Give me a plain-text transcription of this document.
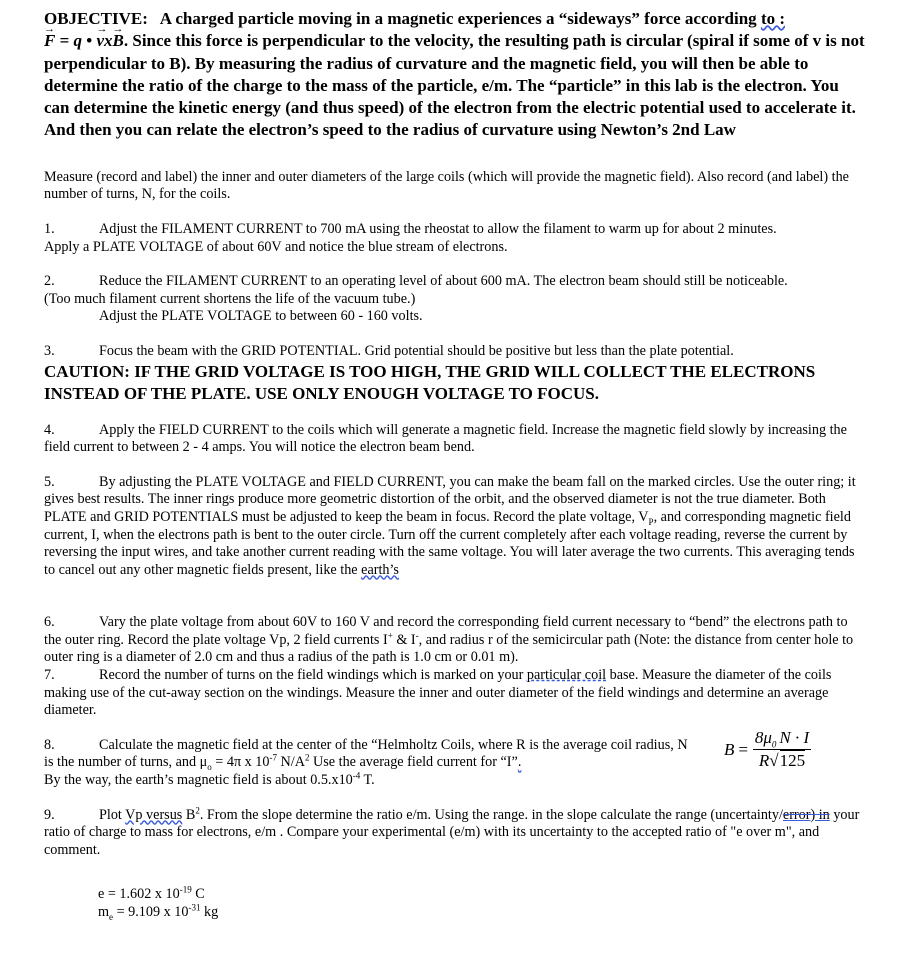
OBJECTIVE: A charged particle moving in a magnetic experiences a “sideways” force according to :
→ F = q • → vx→ B. Since this force is perpendicular to the velocity, the resulting path is circular (spiral if some of v is not perpendicular to B). By measuring the radius of curvature and the magnetic field, you will then be able to determine the ratio of the charge to the mass of the particle, e/m. The “particle” in this lab is the electron. You can determine the kinetic energy (and thus speed) of the electron from the electric potential used to accelerate it. And then you can relate the electron’s speed to the radius of curvature using Newton’s 2nd Law

Measure (record and label) the inner and outer diameters of the large coils (which will provide the magnetic field). Also record (and label) the number of turns, N, for the coils.

1.	Adjust the FILAMENT CURRENT to 700 mA using the rheostat to allow the filament to warm up for about 2 minutes.
Apply a PLATE VOLTAGE of about 60V and notice the blue stream of electrons.

2.	Reduce the FILAMENT CURRENT to an operating level of about 600 mA. The electron beam should still be noticeable.
(Too much filament current shortens the life of the vacuum tube.)
Adjust the PLATE VOLTAGE to between 60 - 160 volts.

3.	Focus the beam with the GRID POTENTIAL. Grid potential should be positive but less than the plate potential.

CAUTION: IF THE GRID VOLTAGE IS TOO HIGH, THE GRID WILL COLLECT THE ELECTRONS INSTEAD OF THE PLATE. USE ONLY ENOUGH VOLTAGE TO FOCUS.

4.	Apply the FIELD CURRENT to the coils which will generate a magnetic field. Increase the magnetic field slowly by increasing the field current to between 2 - 4 amps. You will notice the electron beam bend.

5.	By adjusting the PLATE VOLTAGE and FIELD CURRENT, you can make the beam fall on the marked circles. Use the outer ring; it gives best results. The inner rings produce more geometric distortion of the orbit, and the observed diameter is not the true diameter. Both PLATE and GRID POTENTIALS must be adjusted to keep the beam in focus. Record the plate voltage, $V_P$, and corresponding magnetic field current, I, when the electrons path is bent to the outer circle. Turn off the current completely after each voltage reading, reverse the current by reversing the input wires, and take another current reading with the same voltage. You will later average the two currents. This averaging tends to cancel out any other magnetic fields present, like the earth’s

6.	Vary the plate voltage from about 60V to 160 V and record the corresponding field current necessary to “bend” the electrons path to the outer ring. Record the plate voltage Vp, 2 field currents I+ & I-, and radius r of the semicircular path (Note: the distance from center hole to outer ring is a diameter of 2.0 cm and thus a radius of the path is 1.0 cm or 0.01 m).

7.	Record the number of turns on the field windings which is marked on your particular coil base. Measure the diameter of the coils making use of the cut-away section on the windings. Measure the inner and outer diameter of the field windings and determine an average diameter.

8.	Calculate the magnetic field at the center of the “Helmholtz Coils, where R is the average coil radius, N is the number of turns, and $\mu_o = 4\pi$ x $10^{-7}$ $N/A^2$ Use the average field current for “I”.
By the way, the earth’s magnetic field is about $0.5.x10^{-4}$ T.

9.	Plot Vp versus $B^2$. From the slope determine the ratio e/m. Using the range. in the slope calculate the range (uncertainty/error) in your ratio of charge to mass for electrons, e/m . Compare your experimental (e/m) with its uncertainty to the accepted ratio of "e over m", and comment.

e = 1.602 x $10^{-19}$ C
$m_e = 9.109$ x $10^{-31}$ kg
$B = \frac{8\mu_0 N \cdot I}{R√125}$
